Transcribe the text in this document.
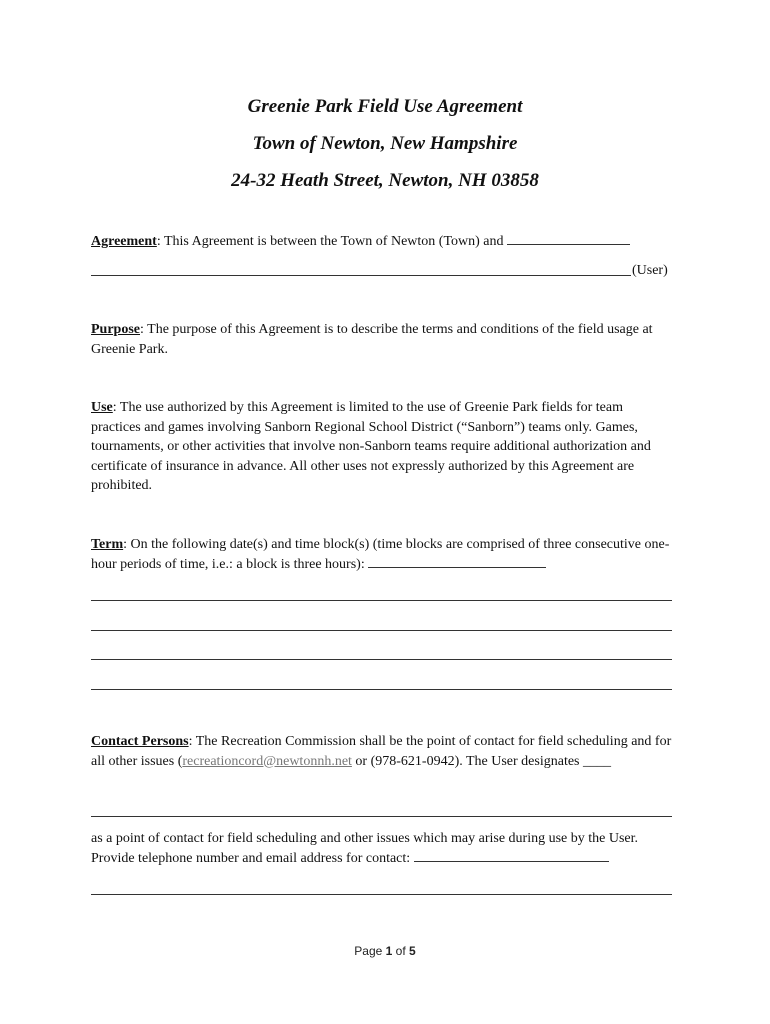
Greenie Park Field Use Agreement
Town of Newton, New Hampshire
24-32 Heath Street, Newton, NH 03858

Agreement: This Agreement is between the Town of Newton (Town) and

(User)

Purpose: The purpose of this Agreement is to describe the terms and conditions of the field usage at Greenie Park.

Use: The use authorized by this Agreement is limited to the use of Greenie Park fields for team practices and games involving Sanborn Regional School District (“Sanborn”) teams only. Games, tournaments, or other activities that involve non-Sanborn teams require additional authorization and certificate of insurance in advance. All other uses not expressly authorized by this Agreement are prohibited.

Term: On the following date(s) and time block(s) (time blocks are comprised of three consecutive one-hour periods of time, i.e.: a block is three hours):

Contact Persons: The Recreation Commission shall be the point of contact for field scheduling and for all other issues (recreationcord@newtonnh.net or (978-621-0942). The User designates ____

as a point of contact for field scheduling and other issues which may arise during use by the User. Provide telephone number and email address for contact:

Page 1 of 5
